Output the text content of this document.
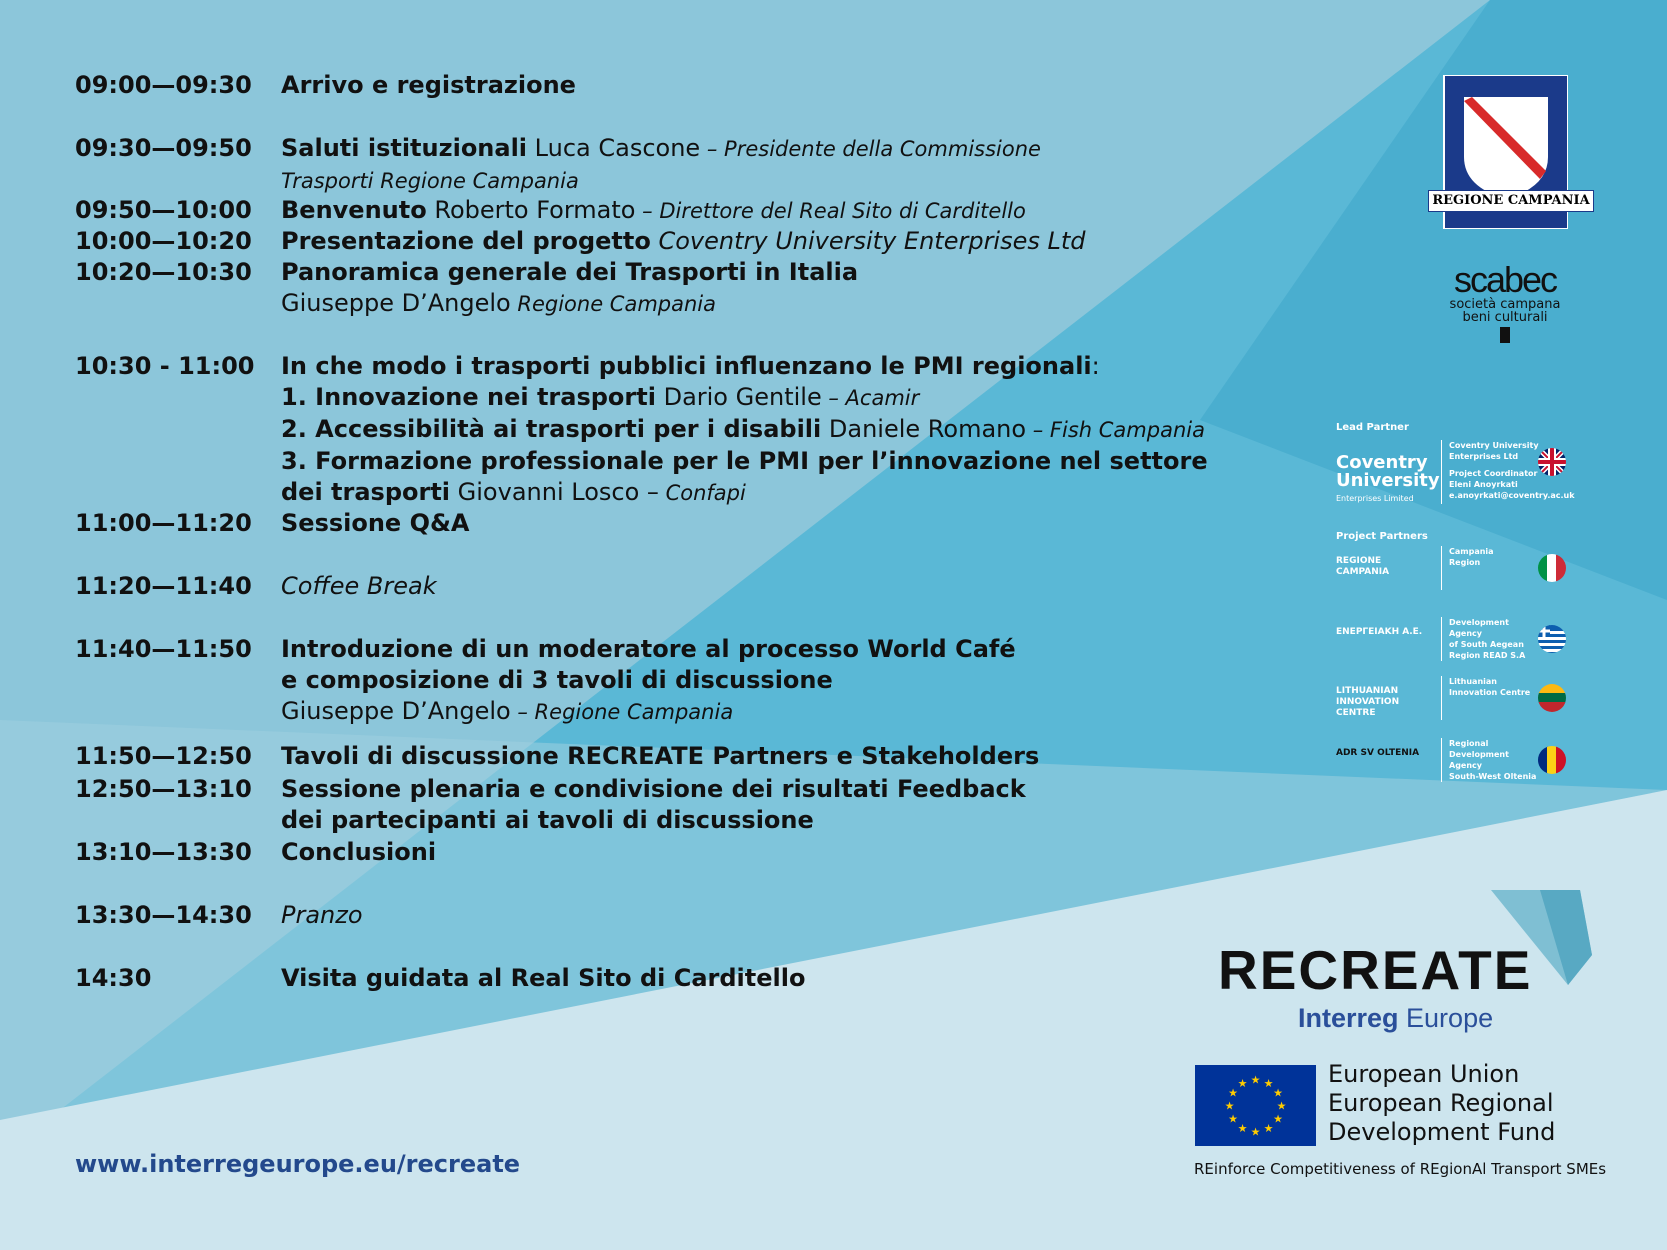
09:00—09:30	Arrivo e registrazione
09:30—09:50	Saluti istituzionali Luca Cascone – Presidente della Commissione
Trasporti Regione Campania
09:50—10:00	Benvenuto Roberto Formato – Direttore del Real Sito di Carditello
10:00—10:20	Presentazione del progetto Coventry University Enterprises Ltd
10:20—10:30	Panoramica generale dei Trasporti in Italia
Giuseppe D’Angelo Regione Campania
10:30 - 11:00	In che modo i trasporti pubblici influenzano le PMI regionali:
1. Innovazione nei trasporti Dario Gentile – Acamir
2. Accessibilità ai trasporti per i disabili Daniele Romano – Fish Campania
3. Formazione professionale per le PMI per l’innovazione nel settore
dei trasporti Giovanni Losco – Confapi
11:00—11:20	Sessione Q&A
11:20—11:40	Coffee Break
11:40—11:50	Introduzione di un moderatore al processo World Café
e composizione di 3 tavoli di discussione
Giuseppe D’Angelo – Regione Campania
11:50—12:50	Tavoli di discussione RECREATE Partners e Stakeholders
12:50—13:10	Sessione plenaria e condivisione dei risultati Feedback
dei partecipanti ai tavoli di discussione
13:10—13:30	Conclusioni
13:30—14:30	Pranzo
14:30	Visita guidata al Real Sito di Carditello
www.interregeurope.eu/recreate
REGIONE CAMPANIA
scabec
società campana
beni culturali
Lead Partner
Project Partners
Coventry University
Enterprises Limited
Coventry University
Enterprises Ltd
Project Coordinator
Eleni Anoyrkati
e.anoyrkati@coventry.ac.uk
REGIONE CAMPANIA
Campania
Region
ΕΝΕΡΓΕΙΑΚΗ Α.Ε.
Development Agency
of South Aegean
Region READ S.A
LITHUANIAN INNOVATION CENTRE
Lithuanian
Innovation Centre
ADR SV OLTENIA
Regional
Development Agency
South-West Oltenia
RECREATE
Interreg Europe
★
★
★
★
★
★
★
★
★ ★ ★
★
European Union
European Regional
Development Fund
REinforce Competitiveness of REgionAl Transport SMEs
